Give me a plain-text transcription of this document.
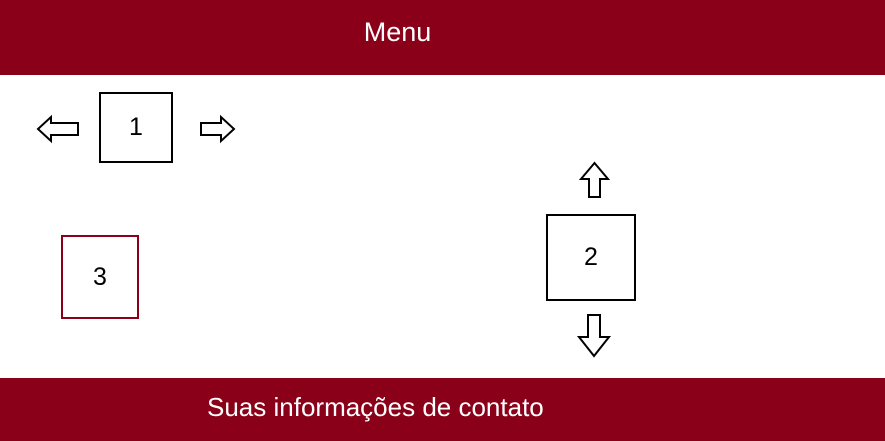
Menu
1
2
3
Suas informações de contato
